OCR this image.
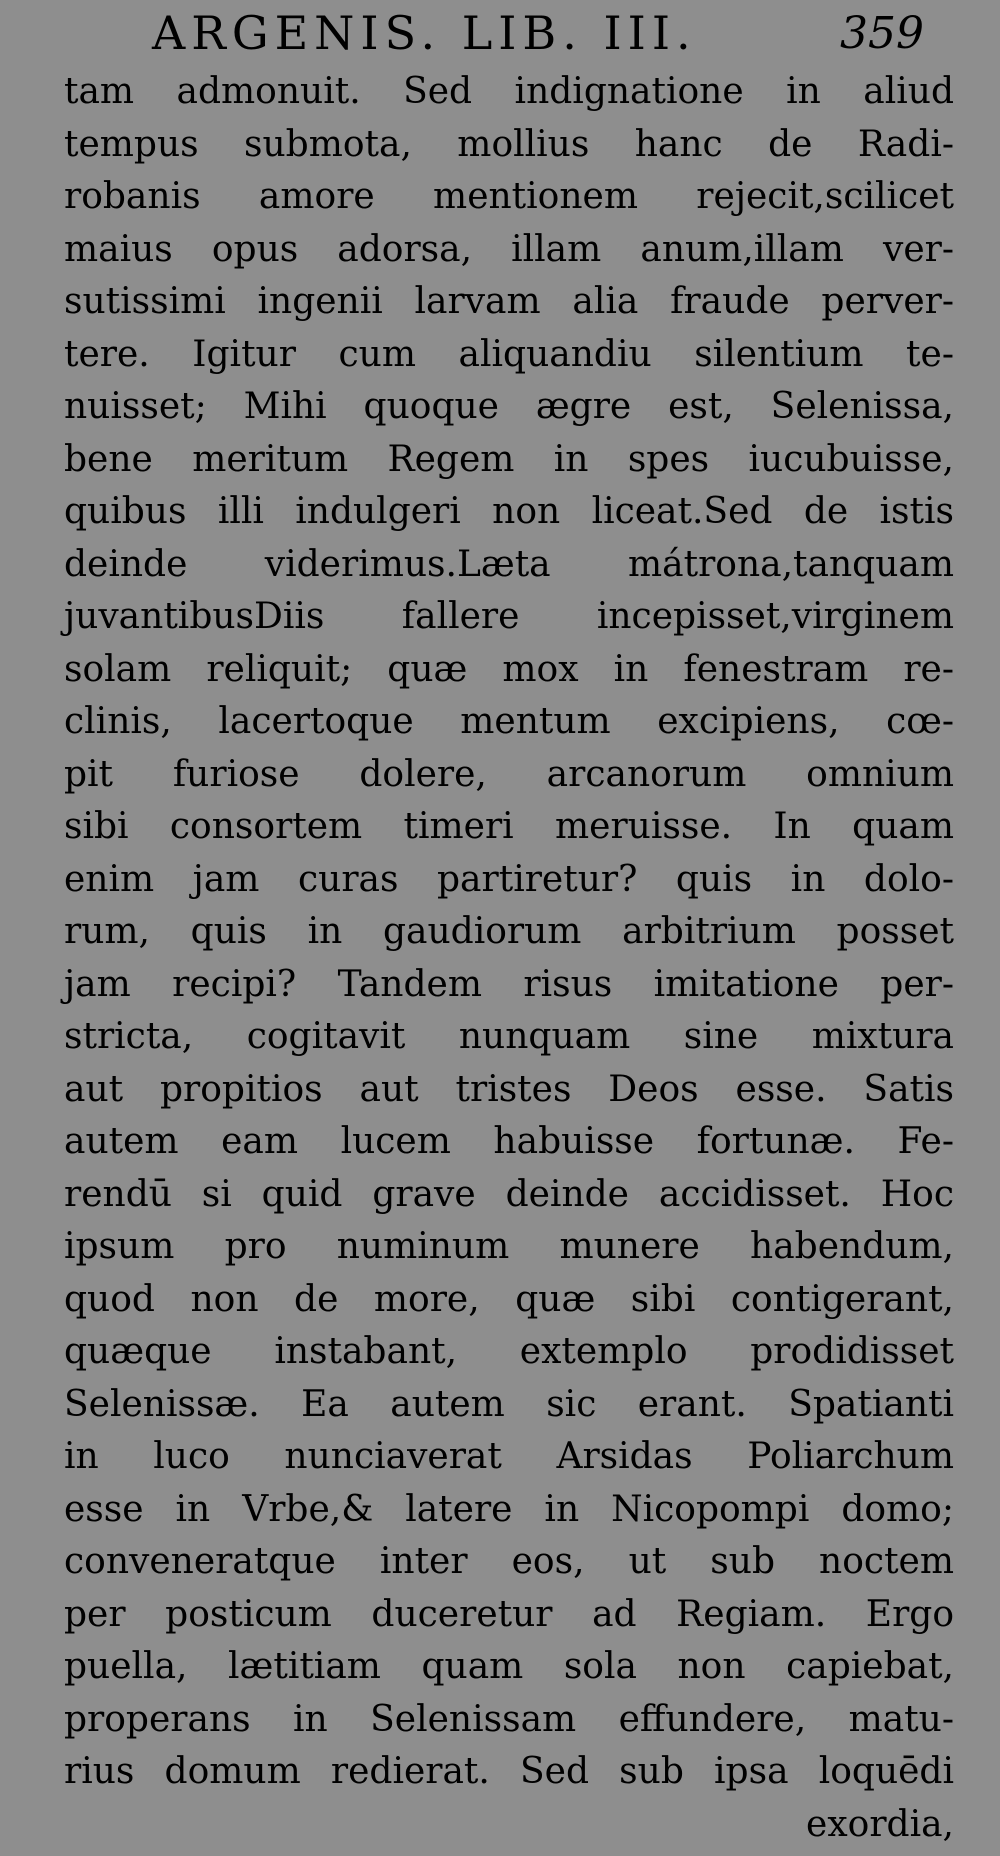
ARGENIS. LIB. III.	359
tam admonuit. Sed indignatione in aliud
tempus submota, mollius hanc de Radi-
robanis amore mentionem rejecit,scilicet
maius opus adorsa, illam anum,illam ver-
sutissimi ingenii larvam alia fraude perver-
tere. Igitur cum aliquandiu silentium te-
nuisset; Mihi quoque ægre est, Selenissa,
bene meritum Regem in spes iucubuisse,
quibus illi indulgeri non liceat.Sed de istis
deinde viderimus.Læta mátrona,tanquam
juvantibusDiis fallere incepisset,virginem
solam reliquit; quæ mox in fenestram re-
clinis, lacertoque mentum excipiens, cœ-
pit furiose dolere, arcanorum omnium
sibi consortem timeri meruisse. In quam
enim jam curas partiretur? quis in dolo-
rum, quis in gaudiorum arbitrium posset
jam recipi? Tandem risus imitatione per-
stricta, cogitavit nunquam sine mixtura
aut propitios aut tristes Deos esse. Satis
autem eam lucem habuisse fortunæ. Fe-
rendū si quid grave deinde accidisset. Hoc
ipsum pro numinum munere habendum,
quod non de more, quæ sibi contigerant,
quæque instabant, extemplo prodidisset
Selenissæ. Ea autem sic erant. Spatianti
in luco nunciaverat Arsidas Poliarchum
esse in Vrbe,& latere in Nicopompi domo;
conveneratque inter eos, ut sub noctem
per posticum duceretur ad Regiam. Ergo
puella, lætitiam quam sola non capiebat,
properans in Selenissam effundere, matu-
rius domum redierat. Sed sub ipsa loquēdi
exordia,
